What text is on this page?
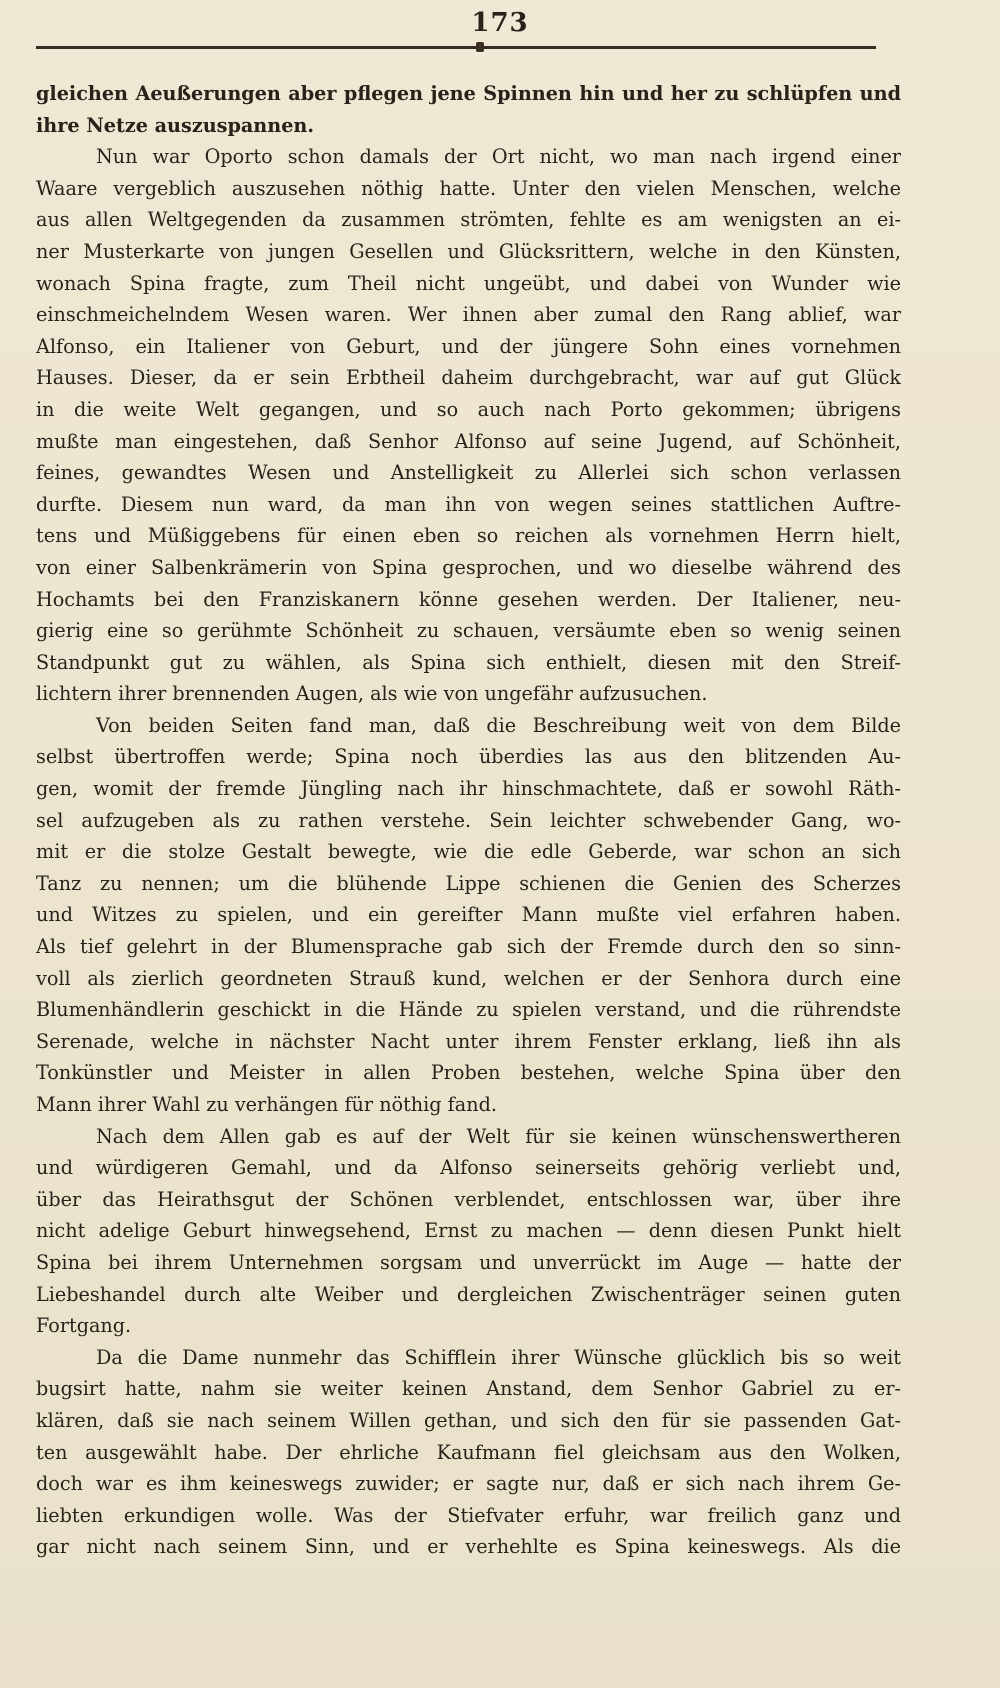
173
gleichen Aeußerungen aber pflegen jene Spinnen hin und her zu schlüpfen und
ihre Netze auszuspannen.
Nun war Oporto schon damals der Ort nicht, wo man nach irgend einer
Waare vergeblich auszusehen nöthig hatte. Unter den vielen Menschen, welche
aus allen Weltgegenden da zusammen strömten, fehlte es am wenigsten an ei-
ner Musterkarte von jungen Gesellen und Glücksrittern, welche in den Künsten,
wonach Spina fragte, zum Theil nicht ungeübt, und dabei von Wunder wie
einschmeichelndem Wesen waren. Wer ihnen aber zumal den Rang ablief, war
Alfonso, ein Italiener von Geburt, und der jüngere Sohn eines vornehmen
Hauses. Dieser, da er sein Erbtheil daheim durchgebracht, war auf gut Glück
in die weite Welt gegangen, und so auch nach Porto gekommen; übrigens
mußte man eingestehen, daß Senhor Alfonso auf seine Jugend, auf Schönheit,
feines, gewandtes Wesen und Anstelligkeit zu Allerlei sich schon verlassen
durfte. Diesem nun ward, da man ihn von wegen seines stattlichen Auftre-
tens und Müßiggebens für einen eben so reichen als vornehmen Herrn hielt,
von einer Salbenkrämerin von Spina gesprochen, und wo dieselbe während des
Hochamts bei den Franziskanern könne gesehen werden. Der Italiener, neu-
gierig eine so gerühmte Schönheit zu schauen, versäumte eben so wenig seinen
Standpunkt gut zu wählen, als Spina sich enthielt, diesen mit den Streif-
lichtern ihrer brennenden Augen, als wie von ungefähr aufzusuchen.
Von beiden Seiten fand man, daß die Beschreibung weit von dem Bilde
selbst übertroffen werde; Spina noch überdies las aus den blitzenden Au-
gen, womit der fremde Jüngling nach ihr hinschmachtete, daß er sowohl Räth-
sel aufzugeben als zu rathen verstehe. Sein leichter schwebender Gang, wo-
mit er die stolze Gestalt bewegte, wie die edle Geberde, war schon an sich
Tanz zu nennen; um die blühende Lippe schienen die Genien des Scherzes
und Witzes zu spielen, und ein gereifter Mann mußte viel erfahren haben.
Als tief gelehrt in der Blumensprache gab sich der Fremde durch den so sinn-
voll als zierlich geordneten Strauß kund, welchen er der Senhora durch eine
Blumenhändlerin geschickt in die Hände zu spielen verstand, und die rührendste
Serenade, welche in nächster Nacht unter ihrem Fenster erklang, ließ ihn als
Tonkünstler und Meister in allen Proben bestehen, welche Spina über den
Mann ihrer Wahl zu verhängen für nöthig fand.
Nach dem Allen gab es auf der Welt für sie keinen wünschenswertheren
und würdigeren Gemahl, und da Alfonso seinerseits gehörig verliebt und,
über das Heirathsgut der Schönen verblendet, entschlossen war, über ihre
nicht adelige Geburt hinwegsehend, Ernst zu machen — denn diesen Punkt hielt
Spina bei ihrem Unternehmen sorgsam und unverrückt im Auge — hatte der
Liebeshandel durch alte Weiber und dergleichen Zwischenträger seinen guten
Fortgang.
Da die Dame nunmehr das Schifflein ihrer Wünsche glücklich bis so weit
bugsirt hatte, nahm sie weiter keinen Anstand, dem Senhor Gabriel zu er-
klären, daß sie nach seinem Willen gethan, und sich den für sie passenden Gat-
ten ausgewählt habe. Der ehrliche Kaufmann fiel gleichsam aus den Wolken,
doch war es ihm keineswegs zuwider; er sagte nur, daß er sich nach ihrem Ge-
liebten erkundigen wolle. Was der Stiefvater erfuhr, war freilich ganz und
gar nicht nach seinem Sinn, und er verhehlte es Spina keineswegs. Als die
